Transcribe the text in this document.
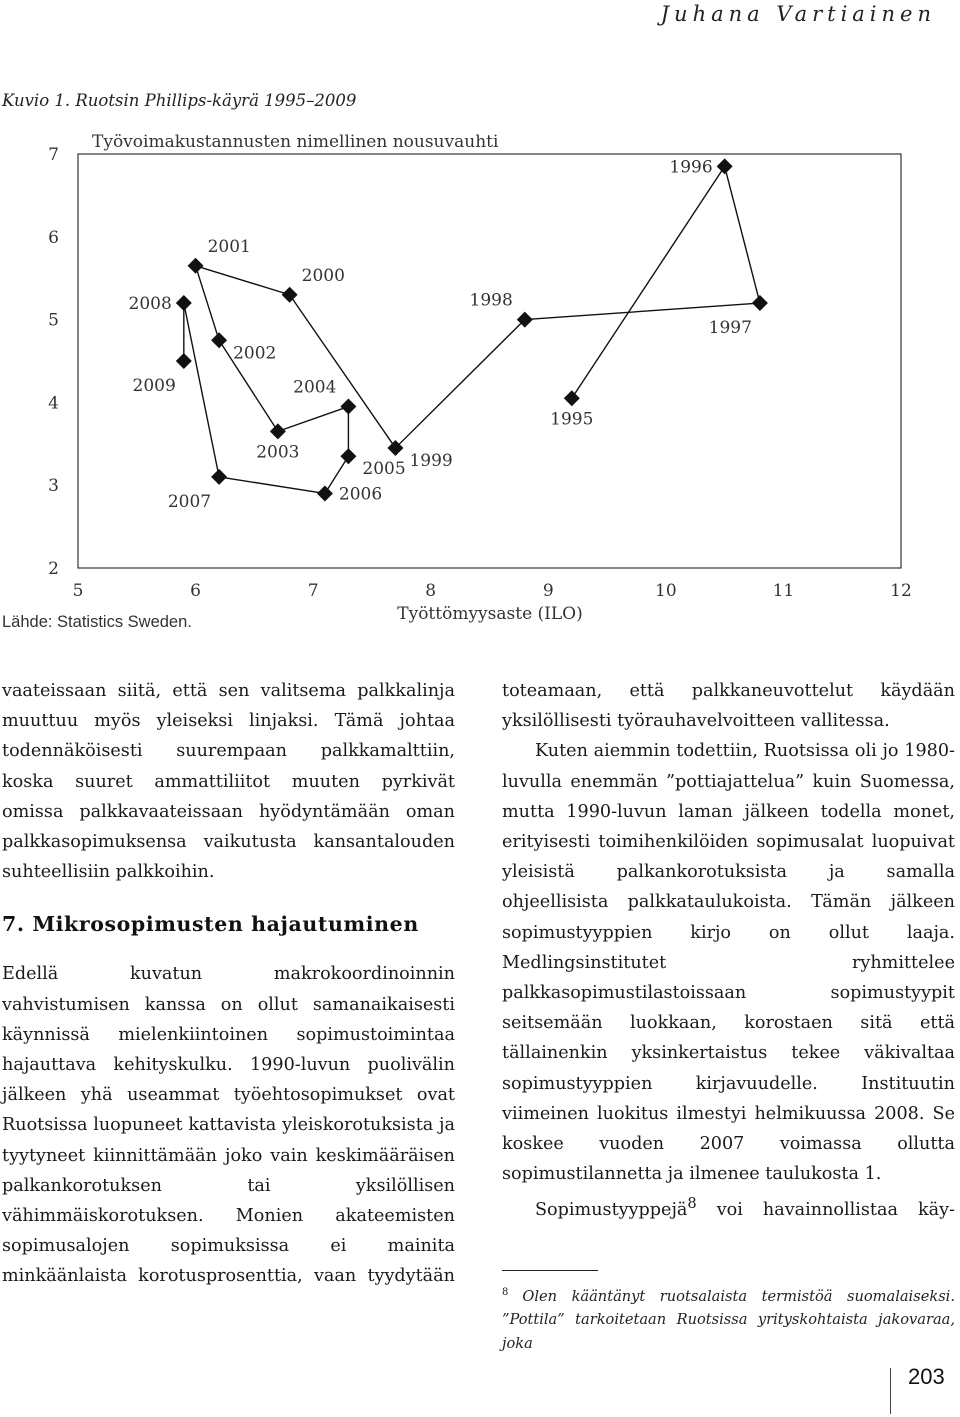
Juhana Vartiainen

Kuvio 1. Ruotsin Phillips-käyrä 1995–2009

2
3
4
5
6
7
5	6	7	8	9	10	11	12
Työvoimakustannusten nimellinen nousuvauhti
Työttömyysaste (ILO)
Lähde: Statistics Sweden.
1995
1996
1997
1998
1999
2000
2001
2002
2003
2004
2005
2006
2007
2008
2009

vaateissaan siitä, että sen valitsema palkkalinja muuttuu myös yleiseksi linjaksi. Tämä johtaa todennäköisesti suurempaan palkkamalttiin, koska suuret ammattiliitot muuten pyrkivät omissa palkkavaateissaan hyödyntämään oman palkkasopimuksensa vaikutusta kansantalouden suhteellisiin palkkoihin.

7. Mikrosopimusten hajautuminen

Edellä kuvatun makrokoordinoinnin vahvistumisen kanssa on ollut samanaikaisesti käynnissä mielenkiintoinen sopimustoimintaa hajauttava kehityskulku. 1990-luvun puolivälin jälkeen yhä useammat työehtosopimukset ovat Ruotsissa luopuneet kattavista yleiskorotuksista ja tyytyneet kiinnittämään joko vain keskimääräisen palkankorotuksen tai yksilöllisen vähimmäiskorotuksen. Monien akateemisten sopimusalojen sopimuksissa ei mainita minkäänlaista korotusprosenttia, vaan tyydytään

toteamaan, että palkkaneuvottelut käydään yksilöllisesti työrauhavelvoitteen vallitessa.

Kuten aiemmin todettiin, Ruotsissa oli jo 1980-luvulla enemmän ”pottiajattelua” kuin Suomessa, mutta 1990-luvun laman jälkeen todella monet, erityisesti toimihenkilöiden sopimusalat luopuivat yleisistä palkankorotuksista ja samalla ohjeellisista palkkataulukoista. Tämän jälkeen sopimustyyppien kirjo on ollut laaja. Medlingsinstitutet ryhmittelee palkkasopimustilastoissaan sopimustyypit seitsemään luokkaan, korostaen sitä että tällainenkin yksinkertaistus tekee väkivaltaa sopimustyyppien kirjavuudelle. Instituutin viimeinen luokitus ilmestyi helmikuussa 2008. Se koskee vuoden 2007 voimassa ollutta sopimustilannetta ja ilmenee taulukosta 1.

Sopimustyyppejä$^8$ voi havainnollistaa käy-

$^8$ Olen kääntänyt ruotsalaista termistöä suomalaiseksi. ”Pottila” tarkoitetaan Ruotsissa yrityskohtaista jakovaraa, joka

203
